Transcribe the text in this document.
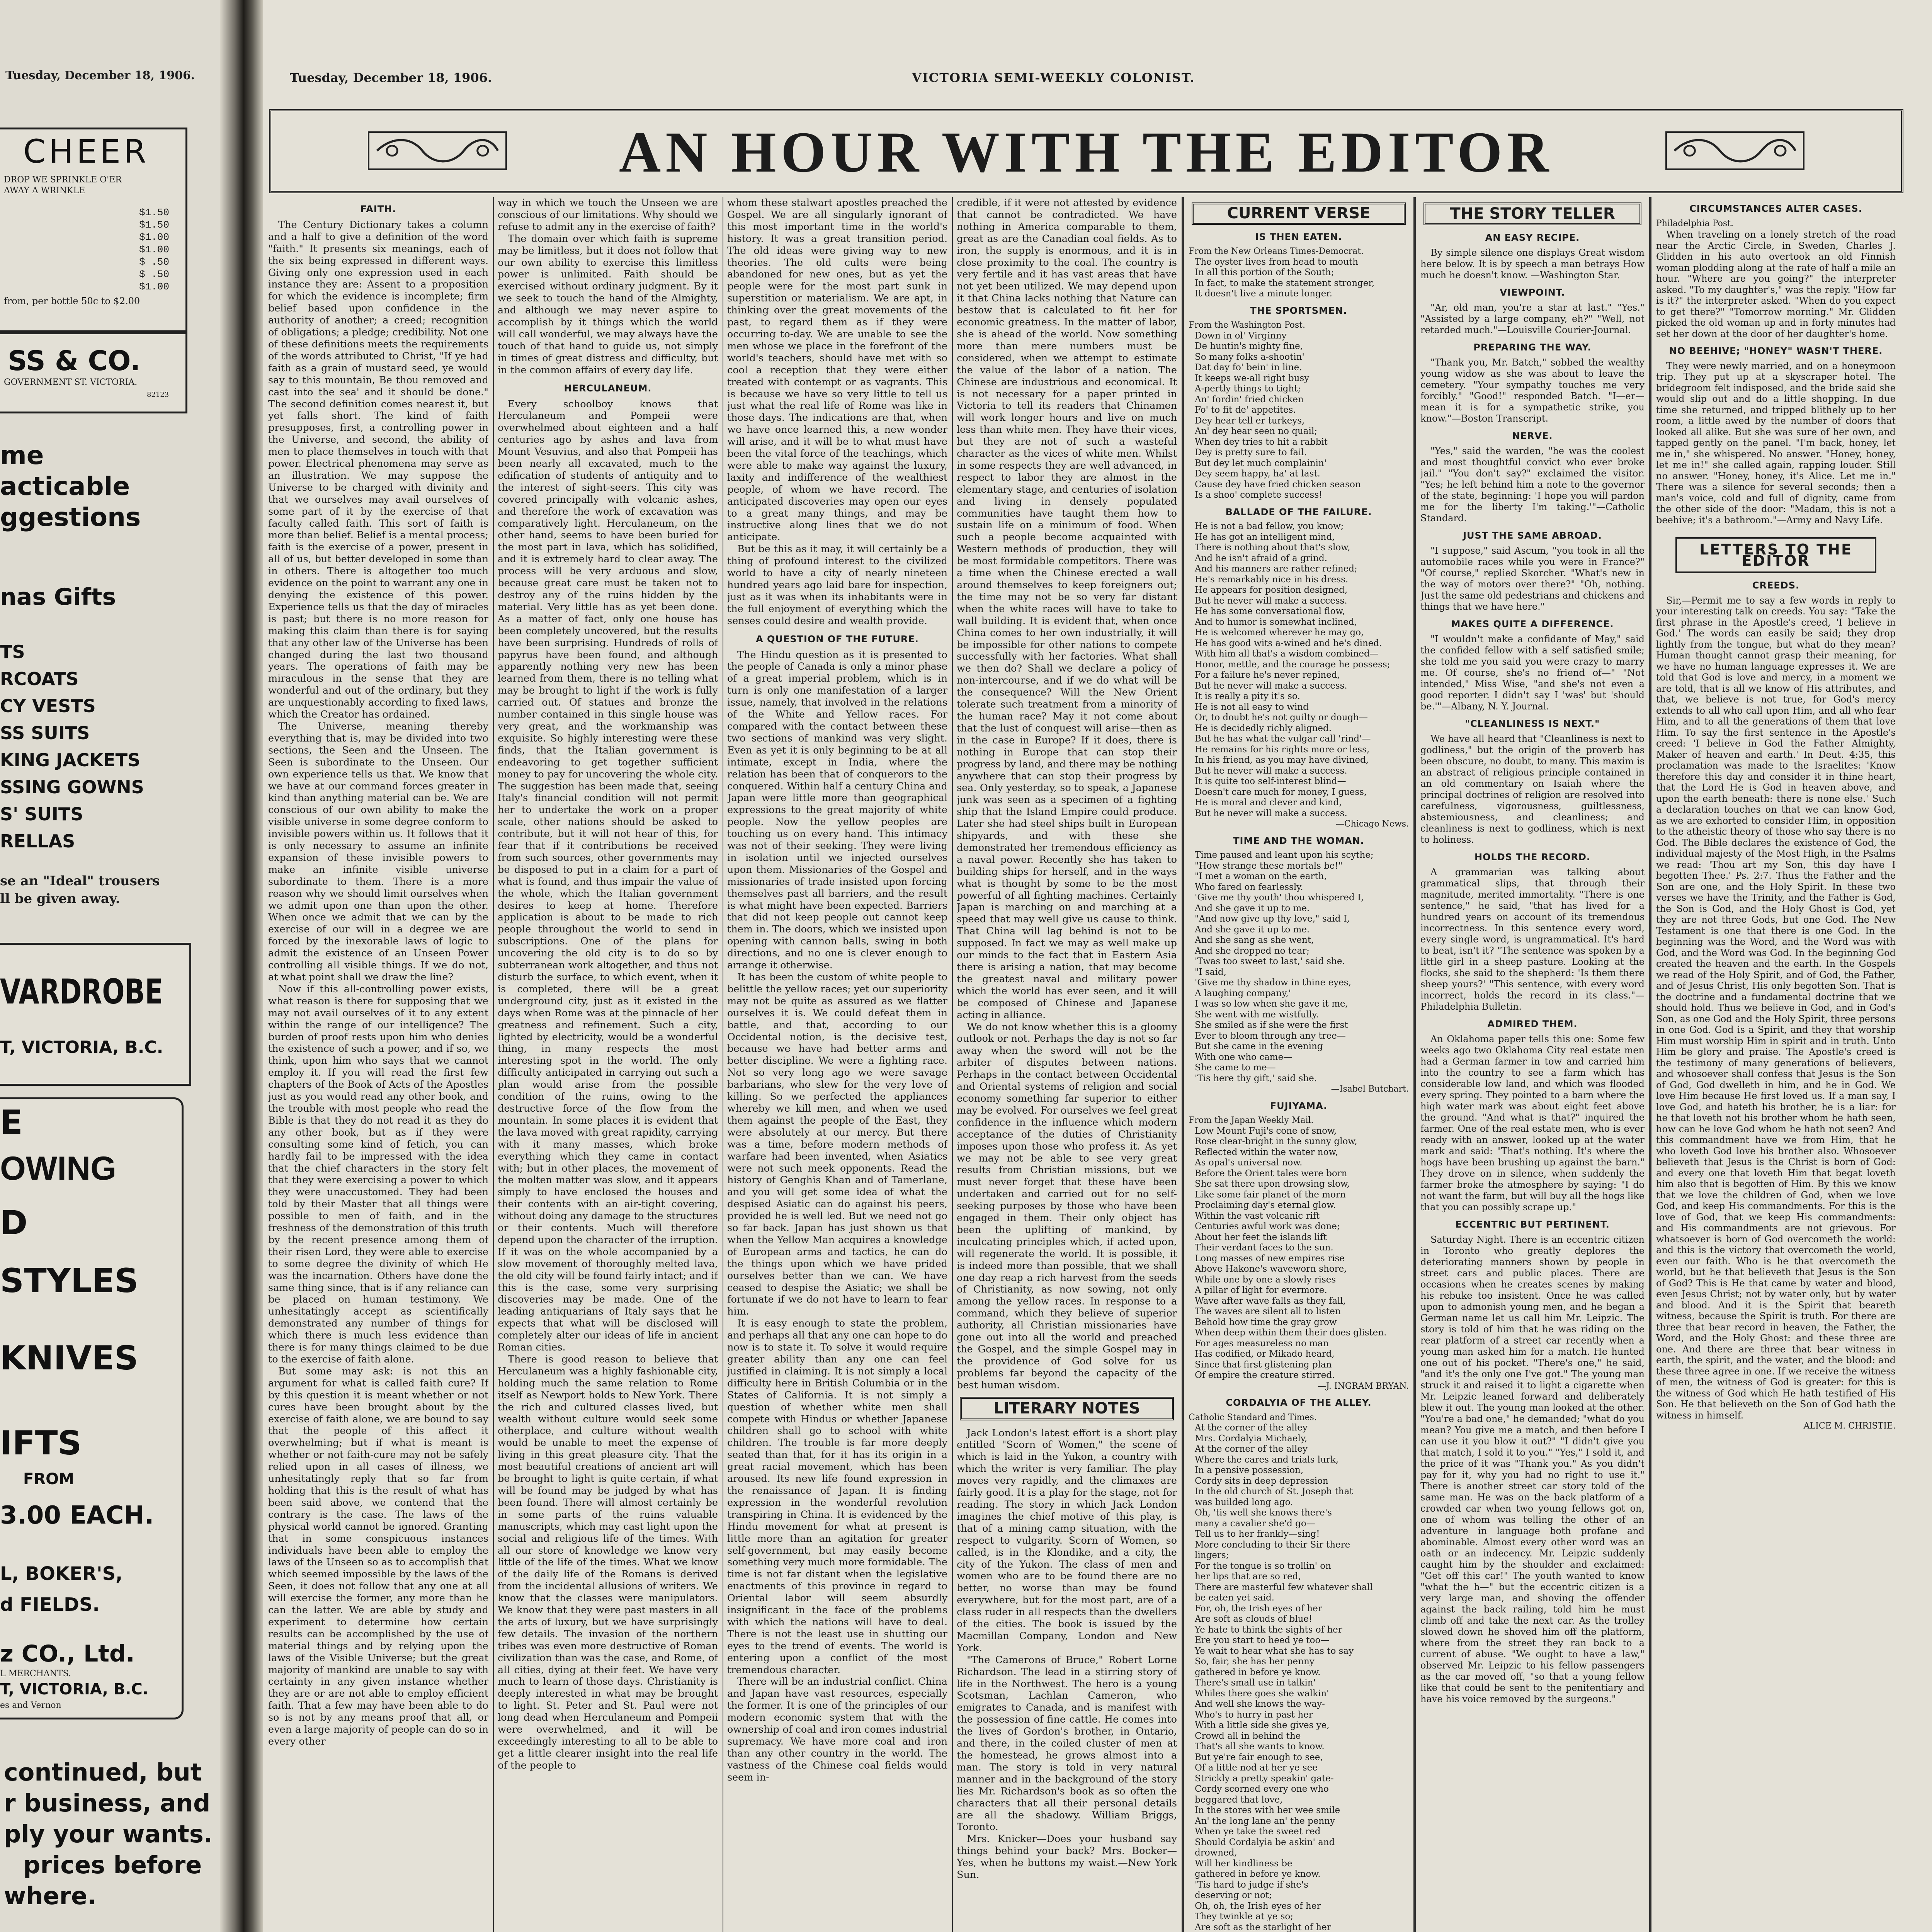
Tuesday, December 18, 1906.
CHEER
DROP WE SPRINKLE O'ER
AWAY A WRINKLE
$1.50
$1.50
$1.00
$1.00
$ .50
$ .50
$1.00
from, per bottle 50c to $2.00
SS & CO.
GOVERNMENT ST. VICTORIA.
82123
me
acticable
ggestions
nas Gifts
TS
RCOATS
CY VESTS
SS SUITS
KING JACKETS
SSING GOWNS
S' SUITS
RELLAS
se an "Ideal" trousers
ll be given away.
VARDROBE
T, VICTORIA, B.C.
E
OWING
D
STYLES
KNIVES
IFTS
FROM
3.00 EACH.
L, BOKER'S,
d FIELDS.
z CO., Ltd.
L MERCHANTS.
T, VICTORIA, B.C.
es and Vernon
continued, but
r business, and
ply your wants.
prices before
where.
Tuesday, December 18, 1906.	VICTORIA SEMI-WEEKLY COLONIST.
AN HOUR WITH THE EDITOR
FAITH.

The Century Dictionary takes a column and a half to give a definition of the word "faith." It presents six meanings, each of the six being expressed in different ways. Giving only one expression used in each instance they are: Assent to a proposition for which the evidence is incomplete; firm belief based upon confidence in the authority of another; a creed; recognition of obligations; a pledge; credibility. Not one of these definitions meets the requirements of the words attributed to Christ, "If ye had faith as a grain of mustard seed, ye would say to this mountain, Be thou removed and cast into the sea' and it should be done." The second definition comes nearest it, but yet falls short. The kind of faith presupposes, first, a controlling power in the Universe, and second, the ability of men to place themselves in touch with that power. Electrical phenomena may serve as an illustration. We may suppose the Universe to be charged with divinity and that we ourselves may avail ourselves of some part of it by the exercise of that faculty called faith. This sort of faith is more than belief. Belief is a mental process; faith is the exercise of a power, present in all of us, but better developed in some than in others. There is altogether too much evidence on the point to warrant any one in denying the existence of this power. Experience tells us that the day of miracles is past; but there is no more reason for making this claim than there is for saying that any other law of the Universe has been changed during the last two thousand years. The operations of faith may be miraculous in the sense that they are wonderful and out of the ordinary, but they are unquestionably according to fixed laws, which the Creator has ordained.

The Universe, meaning thereby everything that is, may be divided into two sections, the Seen and the Unseen. The Seen is subordinate to the Unseen. Our own experience tells us that. We know that we have at our command forces greater in kind than anything material can be. We are conscious of our own ability to make the visible universe in some degree conform to invisible powers within us. It follows that it is only necessary to assume an infinite expansion of these invisible powers to make an infinite visible universe subordinate to them. There is a more reason why we should limit ourselves when we admit upon one than upon the other. When once we admit that we can by the exercise of our will in a degree we are forced by the inexorable laws of logic to admit the existence of an Unseen Power controlling all visible things. If we do not, at what point shall we draw the line?

Now if this all-controlling power exists, what reason is there for supposing that we may not avail ourselves of it to any extent within the range of our intelligence? The burden of proof rests upon him who denies the existence of such a power, and if so, we think, upon him who says that we cannot employ it. If you will read the first few chapters of the Book of Acts of the Apostles just as you would read any other book, and the trouble with most people who read the Bible is that they do not read it as they do any other book, but as if they were consulting some kind of fetich, you can hardly fail to be impressed with the idea that the chief characters in the story felt that they were exercising a power to which they were unaccustomed. They had been told by their Master that all things were possible to men of faith, and in the freshness of the demonstration of this truth by the recent presence among them of their risen Lord, they were able to exercise to some degree the divinity of which He was the incarnation. Others have done the same thing since, that is if any reliance can be placed on human testimony. We unhesitatingly accept as scientifically demonstrated any number of things for which there is much less evidence than there is for many things claimed to be due to the exercise of faith alone.

But some may ask: is not this an argument for what is called faith cure? If by this question it is meant whether or not cures have been brought about by the exercise of faith alone, we are bound to say that the people of this affect it overwhelming; but if what is meant is whether or not faith-cure may not be safely relied upon in all cases of illness, we unhesitatingly reply that so far from holding that this is the result of what has been said above, we contend that the contrary is the case. The laws of the physical world cannot be ignored. Granting that in some conspicuous instances individuals have been able to employ the laws of the Unseen so as to accomplish that which seemed impossible by the laws of the Seen, it does not follow that any one at all will exercise the former, any more than he can the latter. We are able by study and experiment to determine how certain results can be accomplished by the use of material things and by relying upon the laws of the Visible Universe; but the great majority of mankind are unable to say with certainty in any given instance whether they are or are not able to employ efficient faith. That a few may have been able to do so is not by any means proof that all, or even a large majority of people can do so in every other

way in which we touch the Unseen we are conscious of our limitations. Why should we refuse to admit any in the exercise of faith?

The domain over which faith is supreme may be limitless, but it does not follow that our own ability to exercise this limitless power is unlimited. Faith should be exercised without ordinary judgment. By it we seek to touch the hand of the Almighty, and although we may never aspire to accomplish by it things which the world will call wonderful, we may always have the touch of that hand to guide us, not simply in times of great distress and difficulty, but in the common affairs of every day life.

HERCULANEUM.

Every schoolboy knows that Herculaneum and Pompeii were overwhelmed about eighteen and a half centuries ago by ashes and lava from Mount Vesuvius, and also that Pompeii has been nearly all excavated, much to the edification of students of antiquity and to the interest of sight-seers. This city was covered principally with volcanic ashes, and therefore the work of excavation was comparatively light. Herculaneum, on the other hand, seems to have been buried for the most part in lava, which has solidified, and it is extremely hard to clear away. The process will be very arduous and slow, because great care must be taken not to destroy any of the ruins hidden by the material. Very little has as yet been done. As a matter of fact, only one house has been completely uncovered, but the results have been surprising. Hundreds of rolls of papyrus have been found, and although apparently nothing very new has been learned from them, there is no telling what may be brought to light if the work is fully carried out. Of statues and bronze the number contained in this single house was very great, and the workmanship was exquisite. So highly interesting were these finds, that the Italian government is endeavoring to get together sufficient money to pay for uncovering the whole city. The suggestion has been made that, seeing Italy's financial condition will not permit her to undertake the work on a proper scale, other nations should be asked to contribute, but it will not hear of this, for fear that if it contributions be received from such sources, other governments may be disposed to put in a claim for a part of what is found, and thus impair the value of the whole, which the Italian government desires to keep at home. Therefore application is about to be made to rich people throughout the world to send in subscriptions. One of the plans for uncovering the old city is to do so by subterranean work altogether, and thus not disturb the surface, to which event, when it is completed, there will be a great underground city, just as it existed in the days when Rome was at the pinnacle of her greatness and refinement. Such a city, lighted by electricity, would be a wonderful thing, in many respects the most interesting spot in the world. The only difficulty anticipated in carrying out such a plan would arise from the possible condition of the ruins, owing to the destructive force of the flow from the mountain. In some places it is evident that the lava moved with great rapidity, carrying with it many masses, which broke everything which they came in contact with; but in other places, the movement of the molten matter was slow, and it appears simply to have enclosed the houses and their contents with an air-tight covering, without doing any damage to the structures or their contents. Much will therefore depend upon the character of the irruption. If it was on the whole accompanied by a slow movement of thoroughly melted lava, the old city will be found fairly intact; and if this is the case, some very surprising discoveries may be made. One of the leading antiquarians of Italy says that he expects that what will be disclosed will completely alter our ideas of life in ancient Roman cities.

There is good reason to believe that Herculaneum was a highly fashionable city, holding much the same relation to Rome itself as Newport holds to New York. There the rich and cultured classes lived, but wealth without culture would seek some otherplace, and culture without wealth would be unable to meet the expense of living in this great pleasure city. That the most beautiful creations of ancient art will be brought to light is quite certain, if what will be found may be judged by what has been found. There will almost certainly be in some parts of the ruins valuable manuscripts, which may cast light upon the social and religious life of the times. With all our store of knowledge we know very little of the life of the times. What we know of the daily life of the Romans is derived from the incidental allusions of writers. We know that the classes were manipulators. We know that they were past masters in all the arts of luxury, but we have surprisingly few details. The invasion of the northern tribes was even more destructive of Roman civilization than was the case, and Rome, of all cities, dying at their feet. We have very much to learn of those days. Christianity is deeply interested in what may be brought to light. St. Peter and St. Paul were not long dead when Herculaneum and Pompeii were overwhelmed, and it will be exceedingly interesting to all to be able to get a little clearer insight into the real life of the people to

whom these stalwart apostles preached the Gospel. We are all singularly ignorant of this most important time in the world's history. It was a great transition period. The old ideas were giving way to new theories. The old cults were being abandoned for new ones, but as yet the people were for the most part sunk in superstition or materialism. We are apt, in thinking over the great movements of the past, to regard them as if they were occurring to-day. We are unable to see the men whose we place in the forefront of the world's teachers, should have met with so cool a reception that they were either treated with contempt or as vagrants. This is because we have so very little to tell us just what the real life of Rome was like in those days. The indications are that, when we have once learned this, a new wonder will arise, and it will be to what must have been the vital force of the teachings, which were able to make way against the luxury, laxity and indifference of the wealthiest people, of whom we have record. The anticipated discoveries may open our eyes to a great many things, and may be instructive along lines that we do not anticipate.

But be this as it may, it will certainly be a thing of profound interest to the civilized world to have a city of nearly nineteen hundred years ago laid bare for inspection, just as it was when its inhabitants were in the full enjoyment of everything which the senses could desire and wealth provide.

A QUESTION OF THE FUTURE.

The Hindu question as it is presented to the people of Canada is only a minor phase of a great imperial problem, which is in turn is only one manifestation of a larger issue, namely, that involved in the relations of the White and Yellow races. For compared with the contact between these two sections of mankind was very slight. Even as yet it is only beginning to be at all intimate, except in India, where the relation has been that of conquerors to the conquered. Within half a century China and Japan were little more than geographical expressions to the great majority of white people. Now the yellow peoples are touching us on every hand. This intimacy was not of their seeking. They were living in isolation until we injected ourselves upon them. Missionaries of the Gospel and missionaries of trade insisted upon forcing themselves past all barriers, and the result is what might have been expected. Barriers that did not keep people out cannot keep them in. The doors, which we insisted upon opening with cannon balls, swing in both directions, and no one is clever enough to arrange it otherwise.

It has been the custom of white people to belittle the yellow races; yet our superiority may not be quite as assured as we flatter ourselves it is. We could defeat them in battle, and that, according to our Occidental notion, is the decisive test, because we have had better arms and better discipline. We were a fighting race. Not so very long ago we were savage barbarians, who slew for the very love of killing. So we perfected the appliances whereby we kill men, and when we used them against the people of the East, they were absolutely at our mercy. But there was a time, before modern methods of warfare had been invented, when Asiatics were not such meek opponents. Read the history of Genghis Khan and of Tamerlane, and you will get some idea of what the despised Asiatic can do against his peers, provided he is well led. But we need not go so far back. Japan has just shown us that when the Yellow Man acquires a knowledge of European arms and tactics, he can do the things upon which we have prided ourselves better than we can. We have ceased to despise the Asiatic; we shall be fortunate if we do not have to learn to fear him.

It is easy enough to state the problem, and perhaps all that any one can hope to do now is to state it. To solve it would require greater ability than any one can feel justified in claiming. It is not simply a local difficulty here in British Columbia or in the States of California. It is not simply a question of whether white men shall compete with Hindus or whether Japanese children shall go to school with white children. The trouble is far more deeply seated than that, for it has its origin in a great racial movement, which has been aroused. Its new life found expression in the renaissance of Japan. It is finding expression in the wonderful revolution transpiring in China. It is evidenced by the Hindu movement for what at present is little more than an agitation for greater self-government, but may easily become something very much more formidable. The time is not far distant when the legislative enactments of this province in regard to Oriental labor will seem absurdly insignificant in the face of the problems with which the nations will have to deal. There is not the least use in shutting our eyes to the trend of events. The world is entering upon a conflict of the most tremendous character.

There will be an industrial conflict. China and Japan have vast resources, especially the former. It is one of the principles of our modern economic system that with the ownership of coal and iron comes industrial supremacy. We have more coal and iron than any other country in the world. The vastness of the Chinese coal fields would seem in-

credible, if it were not attested by evidence that cannot be contradicted. We have nothing in America comparable to them, great as are the Canadian coal fields. As to iron, the supply is enormous, and it is in close proximity to the coal. The country is very fertile and it has vast areas that have not yet been utilized. We may depend upon it that China lacks nothing that Nature can bestow that is calculated to fit her for economic greatness. In the matter of labor, she is ahead of the world. Now something more than mere numbers must be considered, when we attempt to estimate the value of the labor of a nation. The Chinese are industrious and economical. It is not necessary for a paper printed in Victoria to tell its readers that Chinamen will work longer hours and live on much less than white men. They have their vices, but they are not of such a wasteful character as the vices of white men. Whilst in some respects they are well advanced, in respect to labor they are almost in the elementary stage, and centuries of isolation and living in densely populated communities have taught them how to sustain life on a minimum of food. When such a people become acquainted with Western methods of production, they will be most formidable competitors. There was a time when the Chinese erected a wall around themselves to keep foreigners out; the time may not be so very far distant when the white races will have to take to wall building. It is evident that, when once China comes to her own industrially, it will be impossible for other nations to compete successfully with her factories. What shall we then do? Shall we declare a policy of non-intercourse, and if we do what will be the consequence? Will the New Orient tolerate such treatment from a minority of the human race? May it not come about that the lust of conquest will arise—then as in the case in Europe? If it does, there is nothing in Europe that can stop their progress by land, and there may be nothing anywhere that can stop their progress by sea. Only yesterday, so to speak, a Japanese junk was seen as a specimen of a fighting ship that the Island Empire could produce. Later she had steel ships built in European shipyards, and with these she demonstrated her tremendous efficiency as a naval power. Recently she has taken to building ships for herself, and in the ways what is thought by some to be the most powerful of all fighting machines. Certainly Japan is marching on and marching at a speed that may well give us cause to think. That China will lag behind is not to be supposed. In fact we may as well make up our minds to the fact that in Eastern Asia there is arising a nation, that may become the greatest naval and military power which the world has ever seen, and it will be composed of Chinese and Japanese acting in alliance.

We do not know whether this is a gloomy outlook or not. Perhaps the day is not so far away when the sword will not be the arbiter of disputes between nations. Perhaps in the contact between Occidental and Oriental systems of religion and social economy something far superior to either may be evolved. For ourselves we feel great confidence in the influence which modern acceptance of the duties of Christianity imposes upon those who profess it. As yet we may not be able to see very great results from Christian missions, but we must never forget that these have been undertaken and carried out for no self-seeking purposes by those who have been engaged in them. Their only object has been the uplifting of mankind, by inculcating principles which, if acted upon, will regenerate the world. It is possible, it is indeed more than possible, that we shall one day reap a rich harvest from the seeds of Christianity, as now sowing, not only among the yellow races. In response to a command, which they believe of superior authority, all Christian missionaries have gone out into all the world and preached the Gospel, and the simple Gospel may in the providence of God solve for us problems far beyond the capacity of the best human wisdom.

LITERARY NOTES

Jack London's latest effort is a short play entitled "Scorn of Women," the scene of which is laid in the Yukon, a country with which the writer is very familiar. The play moves very rapidly, and the climaxes are fairly good. It is a play for the stage, not for reading. The story in which Jack London imagines the chief motive of this play, is that of a mining camp situation, with the respect to vulgarity. Scorn of Women, so called, is in the Klondike, and a city, the city of the Yukon. The class of men and women who are to be found there are no better, no worse than may be found everywhere, but for the most part, are of a class ruder in all respects than the dwellers of the cities. The book is issued by the Macmillan Company, London and New York.

"The Camerons of Bruce," Robert Lorne Richardson. The lead in a stirring story of life in the Northwest. The hero is a young Scotsman, Lachlan Cameron, who emigrates to Canada, and is manifest with the possession of fine cattle. He comes into the lives of Gordon's brother, in Ontario, and there, in the coiled cluster of men at the homestead, he grows almost into a man. The story is told in very natural manner and in the background of the story lies Mr. Richardson's book as so often the characters that all their personal details are all the shadowy. William Briggs, Toronto.

Mrs. Knicker—Does your husband say things behind your back? Mrs. Bocker—Yes, when he buttons my waist.—New York Sun.

CURRENT VERSE
IS THEN EATEN.
From the New Orleans Times-Democrat.

The oyster lives from head to mouth

In all this portion of the South;

In fact, to make the statement stronger,

It doesn't live a minute longer.

THE SPORTSMEN.
From the Washington Post.

Down in ol' Virginny

De huntin's mighty fine,

So many folks a-shootin'

Dat day fo' bein' in line.

It keeps we-all right busy

A-pertly things to tight;

An' fordin' fried chicken

Fo' to fit de' appetites.

Dey hear tell er turkeys,

An' dey hear seen no quail;

When dey tries to hit a rabbit

Dey is pretty sure to fail.

But dey let much complainin'

Dey seem happy, ha' at last.

Cause dey have fried chicken season

Is a shoo' complete success!

BALLADE OF THE FAILURE.

He is not a bad fellow, you know;

He has got an intelligent mind,

There is nothing about that's slow,

And he isn't afraid of a grind.

And his manners are rather refined;

He's remarkably nice in his dress.

He appears for position designed,

But he never will make a success.

He has some conversational flow,

And to humor is somewhat inclined,

He is welcomed wherever he may go,

He has good wits a-wined and he's dined.

With him all that's a wisdom combined—

Honor, mettle, and the courage he possess;

For a failure he's never repined,

But he never will make a success.

It is really a pity it's so.

He is not all easy to wind

Or, to doubt he's not guilty or dough—

He is decidedly richly aligned.

But he has what the vulgar call 'rind'—

He remains for his rights more or less,

In his friend, as you may have divined,

But he never will make a success.

It is quite too self-interest blind—

Doesn't care much for money, I guess,

He is moral and clever and kind,

But he never will make a success.

—Chicago News.
TIME AND THE WOMAN.

Time paused and leant upon his scythe;

"How strange these mortals be!"

"I met a woman on the earth,

Who fared on fearlessly.

'Give me thy youth' thou whispered I,

And she gave it up to me.

"And now give up thy love," said I,

And she gave it up to me.

And she sang as she went,

And she dropped no tear;

'Twas too sweet to last,' said she.

"I said,

'Give me thy shadow in thine eyes,

A laughing company,'

I was so low when she gave it me,

She went with me wistfully.

She smiled as if she were the first

Ever to bloom through any tree—

But she came in the evening

With one who came—

She came to me—

'Tis here thy gift,' said she.

—Isabel Butchart.
FUJIYAMA.
From the Japan Weekly Mail.

Low Mount Fuji's cone of snow,

Rose clear-bright in the sunny glow,

Reflected within the water now,

As opal's universal now.

Before the Orient tales were born

She sat there upon drowsing slow,

Like some fair planet of the morn

Proclaiming day's eternal glow.

Within the vast volcanic rift

Centuries awful work was done;

About her feet the islands lift

Their verdant faces to the sun.

Long masses of new empires rise

Above Hakone's waveworn shore,

While one by one a slowly rises

A pillar of light for evermore.

Wave after wave falls as they fall,

The waves are silent all to listen

Behold how time the gray grow

When deep within them their does glisten.

For ages measureless no man

Has codified, or Mikado heard,

Since that first glistening plan

Of empire the creature stirred.

—J. INGRAM BRYAN.
CORDALYIA OF THE ALLEY.
Catholic Standard and Times.

At the corner of the alley

Mrs. Cordalyia Michaely,

At the corner of the alley

Where the cares and trials lurk,

In a pensive possession,

Cordy sits in deep depression

In the old church of St. Joseph that

was builded long ago.

Oh, 'tis well she knows there's

many a cavalier she'd go—

Tell us to her frankly—sing!

More concluding to their Sir there

lingers;

For the tongue is so trollin' on

her lips that are so red,

There are masterful few whatever shall

be eaten yet said.

For, oh, the Irish eyes of her

Are soft as clouds of blue!

Ye hate to think the sights of her

Ere you start to heed ye too—

Ye wait to hear what she has to say

So, fair, she has her penny

gathered in before ye know.

There's small use in talkin'

Whiles there goes she walkin'

And well she knows the way-

Who's to hurry in past her

With a little side she gives ye,

Crowd all in behind the

That's all she wants to know.

But ye're fair enough to see,

Of a little nod at her ye see

Strickly a pretty speakin' gate-

Cordy scorned every one who

beggared that love,

In the stores with her wee smile

An' the long lane an' the penny

When ye take the sweet red

Should Cordalyia be askin' and

drowned,

Will her kindliness be

gathered in before ye know.

'Tis hard to judge if she's

deserving or not;

Oh, oh, the Irish eyes of her

They twinkle at ye so;

Are soft as the starlight of her

THE STORY TELLER
AN EASY RECIPE.

By simple silence one displays Great wisdom here below. It is by speech a man betrays How much he doesn't know. —Washington Star.

VIEWPOINT.

"Ar, old man, you're a star at last." "Yes." "Assisted by a large company, eh?" "Well, not retarded much."—Louisville Courier-Journal.

PREPARING THE WAY.

"Thank you, Mr. Batch," sobbed the wealthy young widow as she was about to leave the cemetery. "Your sympathy touches me very forcibly." "Good!" responded Batch. "I—er—mean it is for a sympathetic strike, you know."—Boston Transcript.

NERVE.

"Yes," said the warden, "he was the coolest and most thoughtful convict who ever broke jail." "You don't say?" exclaimed the visitor. "Yes; he left behind him a note to the governor of the state, beginning: 'I hope you will pardon me for the liberty I'm taking.'"—Catholic Standard.

JUST THE SAME ABROAD.

"I suppose," said Ascum, "you took in all the automobile races while you were in France?" "Of course," replied Skorcher. "What's new in the way of motors over there?" "Oh, nothing. Just the same old pedestrians and chickens and things that we have here."

MAKES QUITE A DIFFERENCE.

"I wouldn't make a confidante of May," said the confided fellow with a self satisfied smile; she told me you said you were crazy to marry me. Of course, she's no friend of—" "Not intended," Miss Wise, "and she's not even a good reporter. I didn't say I 'was' but 'should be.'"—Albany, N. Y. Journal.

"CLEANLINESS IS NEXT."

We have all heard that "Cleanliness is next to godliness," but the origin of the proverb has been obscure, no doubt, to many. This maxim is an abstract of religious principle contained in an old commentary on Isaiah where the principal doctrines of religion are resolved into carefulness, vigorousness, guiltlessness, abstemiousness, and cleanliness; and cleanliness is next to godliness, which is next to holiness.

HOLDS THE RECORD.

A grammarian was talking about grammatical slips, that through their magnitude, merited immortality. "There is one sentence," he said, "that has lived for a hundred years on account of its tremendous incorrectness. In this sentence every word, every single word, is ungrammatical. It's hard to beat, isn't it? "The sentence was spoken by a little girl in a sheep pasture. Looking at the flocks, she said to the shepherd: 'Is them there sheep yours?' "This sentence, with every word incorrect, holds the record in its class."—Philadelphia Bulletin.

ADMIRED THEM.

An Oklahoma paper tells this one: Some few weeks ago two Oklahoma City real estate men had a German farmer in tow and carried him into the country to see a farm which has considerable low land, and which was flooded every spring. They pointed to a barn where the high water mark was about eight feet above the ground. "And what is that?" inquired the farmer. One of the real estate men, who is ever ready with an answer, looked up at the water mark and said: "That's nothing. It's where the hogs have been brushing up against the barn." They drove on in silence, when suddenly the farmer broke the atmosphere by saying: "I do not want the farm, but will buy all the hogs like that you can possibly scrape up."

ECCENTRIC BUT PERTINENT.

Saturday Night. There is an eccentric citizen in Toronto who greatly deplores the deteriorating manners shown by people in street cars and public places. There are occasions when he creates scenes by making his rebuke too insistent. Once he was called upon to admonish young men, and he began a German name let us call him Mr. Leipzic. The story is told of him that he was riding on the rear platform of a street car recently when a young man asked him for a match. He hunted one out of his pocket. "There's one," he said, "and it's the only one I've got." The young man struck it and raised it to light a cigarette when Mr. Leipzic leaned forward and deliberately blew it out. The young man looked at the other. "You're a bad one," he demanded; "what do you mean? You give me a match, and then before I can use it you blow it out?" "I didn't give you that match, I sold it to you." "Yes," I sold it, and the price of it was "Thank you." As you didn't pay for it, why you had no right to use it." There is another street car story told of the same man. He was on the back platform of a crowded car when two young fellows got on, one of whom was telling the other of an adventure in language both profane and abominable. Almost every other word was an oath or an indecency. Mr. Leipzic suddenly caught him by the shoulder and exclaimed: "Get off this car!" The youth wanted to know "what the h—" but the eccentric citizen is a very large man, and shoving the offender against the back railing, told him he must climb off and take the next car. As the trolley slowed down he shoved him off the platform, where from the street they ran back to a current of abuse. "We ought to have a law," observed Mr. Leipzic to his fellow passengers as the car moved off, "so that a young fellow like that could be sent to the penitentiary and have his voice removed by the surgeons."

CIRCUMSTANCES ALTER CASES.
Philadelphia Post.

When traveling on a lonely stretch of the road near the Arctic Circle, in Sweden, Charles J. Glidden in his auto overtook an old Finnish woman plodding along at the rate of half a mile an hour. "Where are you going?" the interpreter asked. "To my daughter's," was the reply. "How far is it?" the interpreter asked. "When do you expect to get there?" "Tomorrow morning." Mr. Glidden picked the old woman up and in forty minutes had set her down at the door of her daughter's home.

NO BEEHIVE; "HONEY" WASN'T THERE.

They were newly married, and on a honeymoon trip. They put up at a skyscraper hotel. The bridegroom felt indisposed, and the bride said she would slip out and do a little shopping. In due time she returned, and tripped blithely up to her room, a little awed by the number of doors that looked all alike. But she was sure of her own, and tapped gently on the panel. "I'm back, honey, let me in," she whispered. No answer. "Honey, honey, let me in!" she called again, rapping louder. Still no answer. "Honey, honey, it's Alice. Let me in." There was a silence for several seconds; then a man's voice, cold and full of dignity, came from the other side of the door: "Madam, this is not a beehive; it's a bathroom."—Army and Navy Life.

LETTERS TO THE EDITOR
CREEDS.

Sir,—Permit me to say a few words in reply to your interesting talk on creeds. You say: "Take the first phrase in the Apostle's creed, 'I believe in God.' The words can easily be said; they drop lightly from the tongue, but what do they mean? Human thought cannot grasp their meaning, for we have no human language expresses it. We are told that God is love and mercy, in a moment we are told, that is all we know of His attributes, and that, we believe is not true, for God's mercy extends to all who call upon Him, and all who fear Him, and to all the generations of them that love Him. To say the first sentence in the Apostle's creed: 'I believe in God the Father Almighty, Maker of heaven and earth.' In Deut. 4:35, this proclamation was made to the Israelites: 'Know therefore this day and consider it in thine heart, that the Lord He is God in heaven above, and upon the earth beneath: there is none else.' Such a declaration touches on that we can know God, as we are exhorted to consider Him, in opposition to the atheistic theory of those who say there is no God. The Bible declares the existence of God, the individual majesty of the Most High, in the Psalms we read: 'Thou art my Son, this day have I begotten Thee.' Ps. 2:7. Thus the Father and the Son are one, and the Holy Spirit. In these two verses we have the Trinity, and the Father is God, the Son is God, and the Holy Ghost is God, yet they are not three Gods, but one God. The New Testament is one that there is one God. In the beginning was the Word, and the Word was with God, and the Word was God. In the beginning God created the heaven and the earth. In the Gospels we read of the Holy Spirit, and of God, the Father, and of Jesus Christ, His only begotten Son. That is the doctrine and a fundamental doctrine that we should hold. Thus we believe in God, and in God's Son, as one God and the Holy Spirit, three persons in one God. God is a Spirit, and they that worship Him must worship Him in spirit and in truth. Unto Him be glory and praise. The Apostle's creed is the testimony of many generations of believers, and whosoever shall confess that Jesus is the Son of God, God dwelleth in him, and he in God. We love Him because He first loved us. If a man say, I love God, and hateth his brother, he is a liar: for he that loveth not his brother whom he hath seen, how can he love God whom he hath not seen? And this commandment have we from Him, that he who loveth God love his brother also. Whosoever believeth that Jesus is the Christ is born of God: and every one that loveth Him that begat loveth him also that is begotten of Him. By this we know that we love the children of God, when we love God, and keep His commandments. For this is the love of God, that we keep His commandments: and His commandments are not grievous. For whatsoever is born of God overcometh the world: and this is the victory that overcometh the world, even our faith. Who is he that overcometh the world, but he that believeth that Jesus is the Son of God? This is He that came by water and blood, even Jesus Christ; not by water only, but by water and blood. And it is the Spirit that beareth witness, because the Spirit is truth. For there are three that bear record in heaven, the Father, the Word, and the Holy Ghost: and these three are one. And there are three that bear witness in earth, the spirit, and the water, and the blood: and these three agree in one. If we receive the witness of men, the witness of God is greater: for this is the witness of God which He hath testified of His Son. He that believeth on the Son of God hath the witness in himself.

ALICE M. CHRISTIE.
